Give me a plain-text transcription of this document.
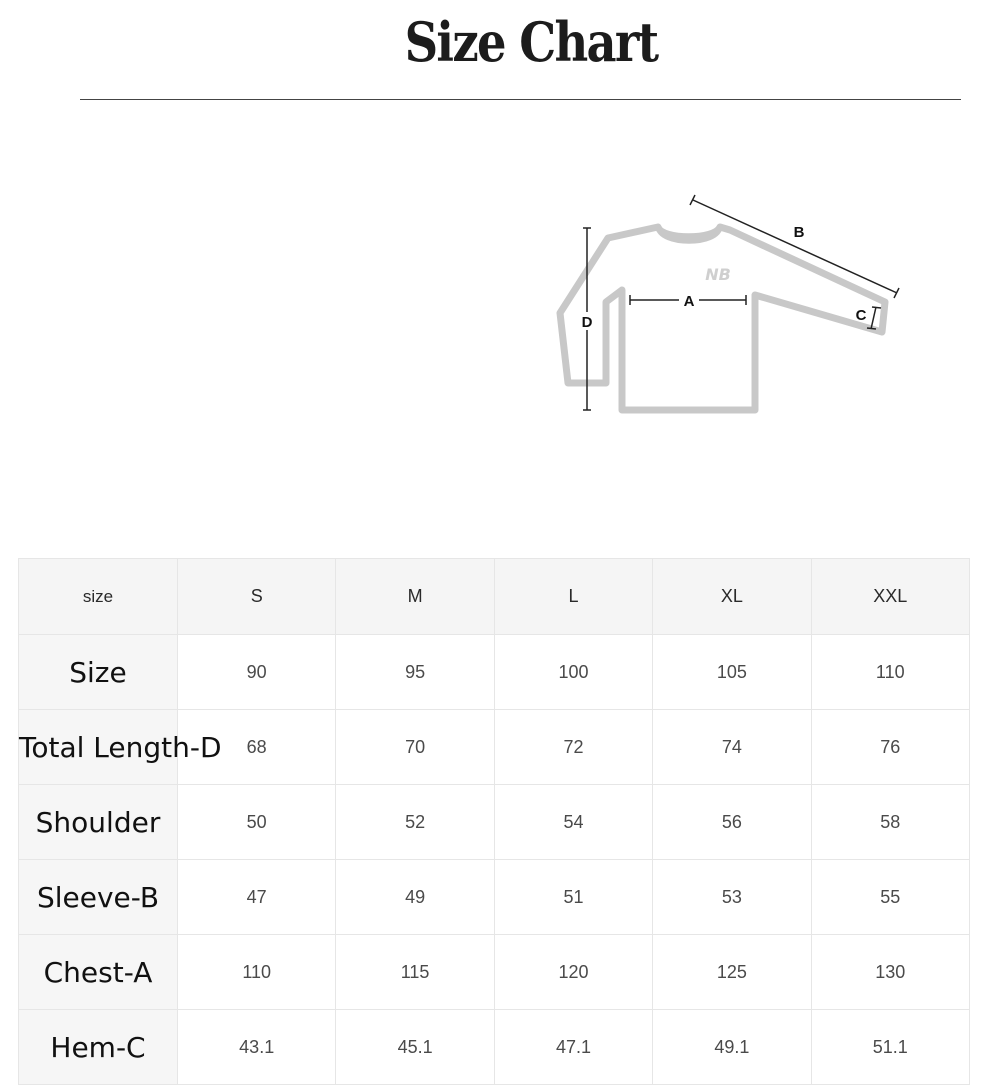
Size Chart
NB
D
A
B
C
size	S	M	L	XL	XXL
Size	90	95	100	105	110
Total Length-D	68	70	72	74	76
Shoulder	50	52	54	56	58
Sleeve-B	47	49	51	53	55
Chest-A	110	115	120	125	130
Hem-C	43.1	45.1	47.1	49.1	51.1
